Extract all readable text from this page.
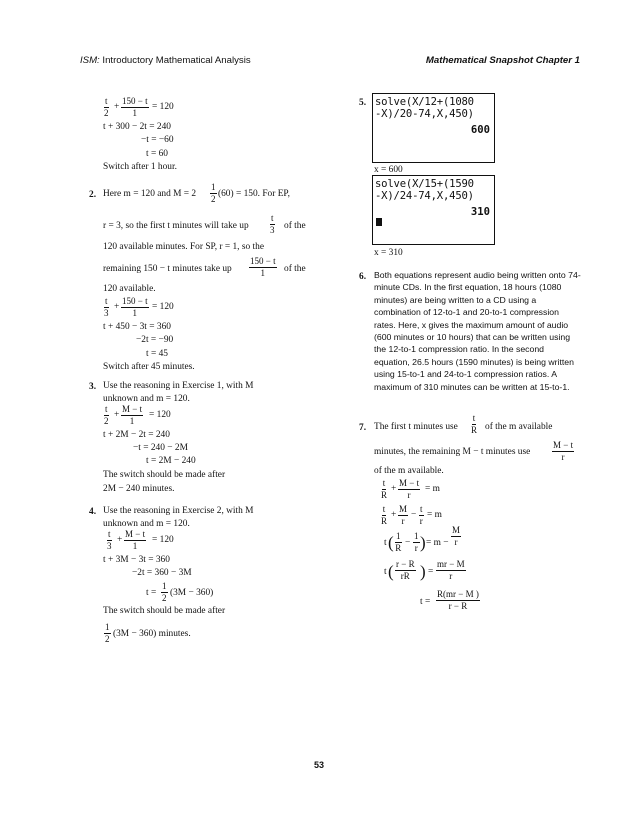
ISM: Introductory Mathematical Analysis	Mathematical Snapshot Chapter 1
$\frac{t}{2} + \frac{150 - t}{1} = 120$
t + 300 − 2t = 240
−t = −60
t = 60
Switch after 1 hour.
2. Here m = 120 and $M = 2 \frac{1}{2} (60) = 150$. For EP,
r = 3, so the first t minutes will take up $\frac{t}{3}$ of the
120 available minutes. For SP, r = 1, so the
remaining 150 − t minutes take up $\frac{150 - t}{1}$ of the
120 available.
$\frac{t}{3} + \frac{150 - t}{1} = 120$
t + 450 − 3t = 360
−2t = −90
t = 45
Switch after 45 minutes.
3. Use the reasoning in Exercise 1, with M
unknown and m = 120.
$\frac{t}{2} + \frac{M - t}{1} = 120$
t + 2M − 2t = 240
−t = 240 − 2M
t = 2M − 240
The switch should be made after
2M − 240 minutes.
4. Use the reasoning in Exercise 2, with M
unknown and m = 120.
$\frac{t}{3} + \frac{M - t}{1} = 120$
t + 3M − 3t = 360
−2t = 360 − 3M
$t = \frac{1}{2} (3M - 360)$
The switch should be made after
$\frac{1}{2} (3M - 360)$ minutes.
5. solve(X/12+(1080
-X)/20-74,X,450)
600
x = 600
solve(X/15+(1590
-X)/24-74,X,450)
310
x = 310
6. Both equations represent audio being written onto 74-minute CDs. In the first equation, 18 hours (1080 minutes) are being written to a CD using a combination of 12-to-1 and 20-to-1 compression rates. Here, x gives the maximum amount of audio (600 minutes or 10 hours) that can be written using the 12-to-1 compression ratio. In the second equation, 26.5 hours (1590 minutes) is being written using 15-to-1 and 24-to-1 compression ratios. A maximum of 310 minutes can be written at 15-to-1.
7. The first t minutes use $\frac{t}{R}$ of the m available
minutes, the remaining M − t minutes use $\frac{M - t}{r}$
of the m available.
$\frac{t}{R} + \frac{M - t}{r} = m$
$\frac{t}{R} + \frac{M}{r} - \frac{t}{r} = m$
t ( $\frac{1}{R} - \frac{1}{r}$ ) = $m - \frac{M}{r}$
t ( $\frac{r - R}{rR}$ ) = $\frac{mr - M}{r}$
$t = \frac{R(mr - M )}{r - R}$
53
